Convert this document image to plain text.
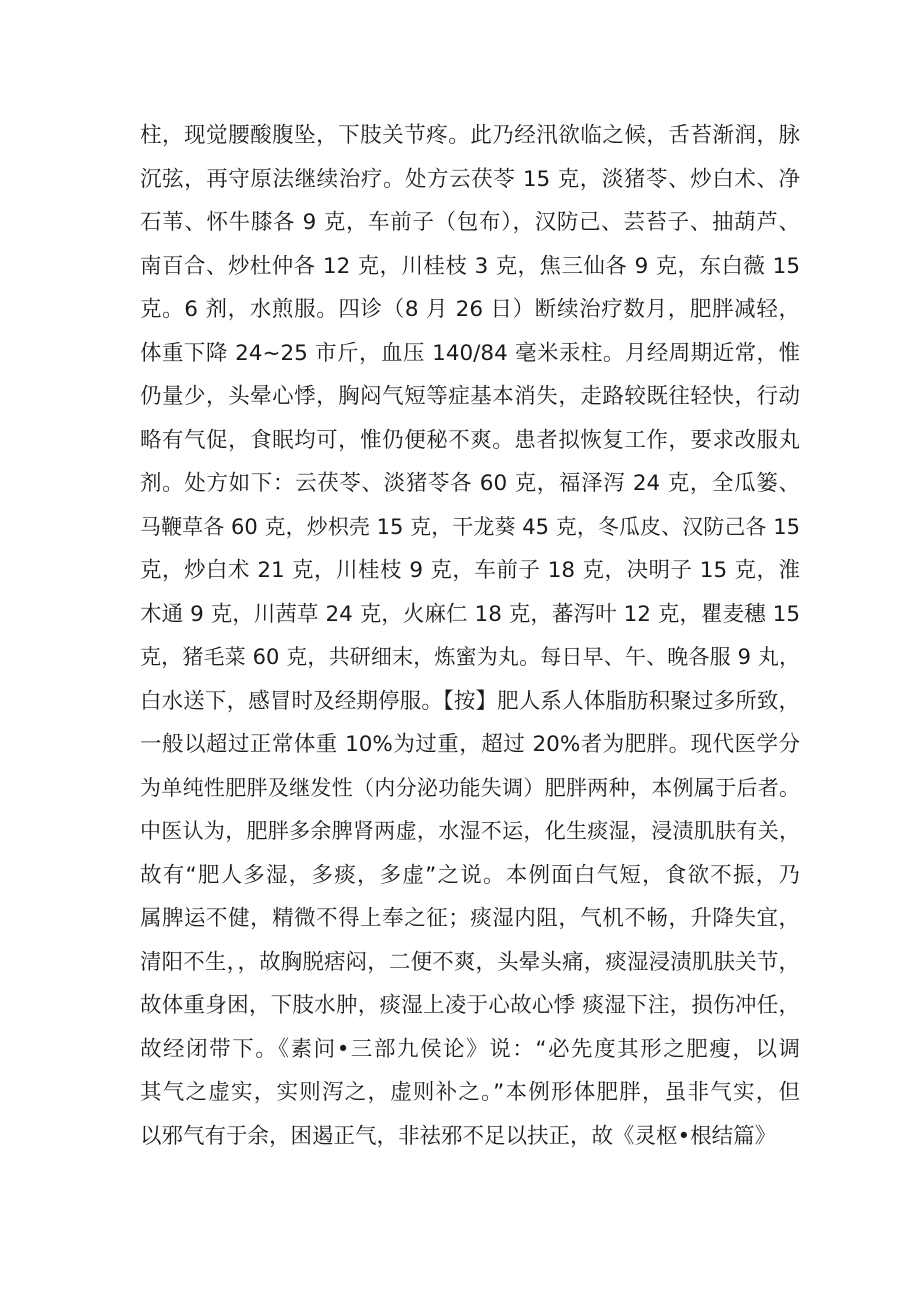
柱，现觉腰酸腹坠，下肢关节疼。此乃经汛欲临之候，舌苔渐润，脉
沉弦，再守原法继续治疗。处方云茯苓 15 克，淡猪苓、炒白术、净
石苇、怀牛膝各 9 克，车前子（包布），汉防己、芸苔子、抽葫芦、
南百合、炒杜仲各 12 克，川桂枝 3 克，焦三仙各 9 克，东白薇 15
克。6 剂，水煎服。四诊（8 月 26 日）断续治疗数月，肥胖减轻，
体重下降 24~25 市斤，血压 140/84 毫米汞柱。月经周期近常，惟
仍量少，头晕心悸，胸闷气短等症基本消失，走路较既往轻快，行动
略有气促，食眠均可，惟仍便秘不爽。患者拟恢复工作，要求改服丸
剂。处方如下：云茯苓、淡猪苓各 60 克，福泽泻 24 克，全瓜篓、
马鞭草各 60 克，炒枳壳 15 克，干龙葵 45 克，冬瓜皮、汉防己各 15
克，炒白术 21 克，川桂枝 9 克，车前子 18 克，决明子 15 克，淮
木通 9 克，川茜草 24 克，火麻仁 18 克，蕃泻叶 12 克，瞿麦穗 15
克，猪毛菜 60 克，共研细末，炼蜜为丸。每日早、午、晚各服 9 丸，
白水送下，感冒时及经期停服。【按】肥人系人体脂肪积聚过多所致，
一般以超过正常体重 10%为过重，超过 20%者为肥胖。现代医学分
为单纯性肥胖及继发性（内分泌功能失调）肥胖两种，本例属于后者。
中医认为，肥胖多余脾肾两虚，水湿不运，化生痰湿，浸渍肌肤有关，
故有“肥人多湿，多痰，多虚”之说。本例面白气短，食欲不振，乃
属脾运不健，精微不得上奉之征；痰湿内阻，气机不畅，升降失宜，
清阳不生，，故胸脱痞闷，二便不爽，头晕头痛，痰湿浸渍肌肤关节，
故体重身困，下肢水肿，痰湿上凌于心故心悸 痰湿下注，损伤冲任，
故经闭带下。《素问•三部九侯论》说：“必先度其形之肥瘦，以调
其气之虚实，实则泻之，虚则补之。”本例形体肥胖，虽非气实，但
以邪气有于余，困遏正气，非祛邪不足以扶正，故《灵枢•根结篇》
